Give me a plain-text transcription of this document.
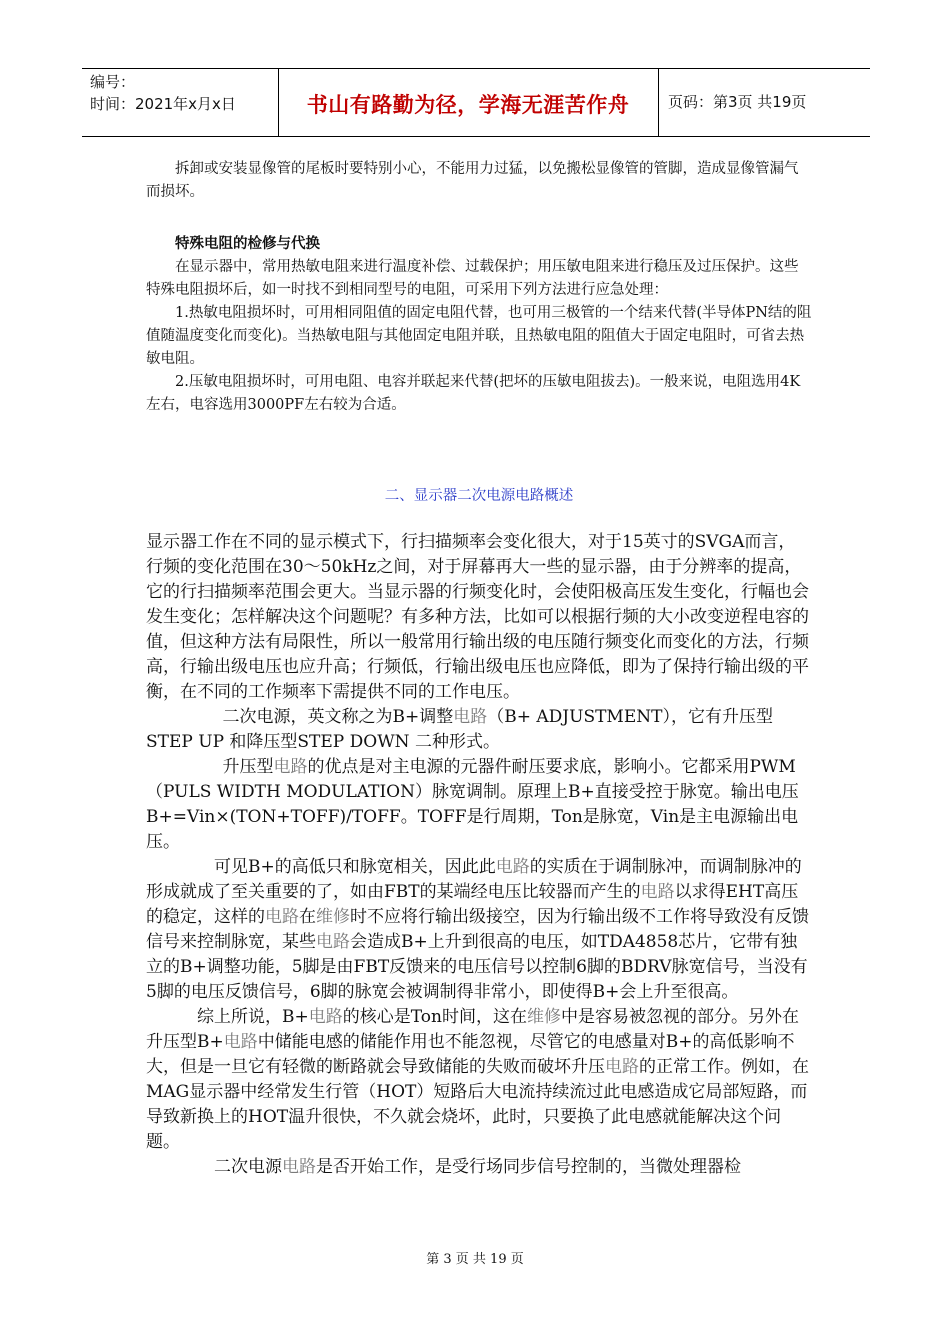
编号：
时间：2021年x月x日	书山有路勤为径，学海无涯苦作舟	页码：第3页 共19页

拆卸或安装显像管的尾板时要特别小心，不能用力过猛，以免搬松显像管的管脚，造成显像管漏气而损坏。

特殊电阻的检修与代换

在显示器中，常用热敏电阻来进行温度补偿、过载保护；用压敏电阻来进行稳压及过压保护。这些特殊电阻损坏后，如一时找不到相同型号的电阻，可采用下列方法进行应急处理：

1.热敏电阻损坏时，可用相同阻值的固定电阻代替，也可用三极管的一个结来代替(半导体PN结的阻值随温度变化而变化)。当热敏电阻与其他固定电阻并联，且热敏电阻的阻值大于固定电阻时，可省去热敏电阻。

2.压敏电阻损坏时，可用电阻、电容并联起来代替(把坏的压敏电阻拔去)。一般来说，电阻选用4K左右，电容选用3000PF左右较为合适。

二、显示器二次电源电路概述

显示器工作在不同的显示模式下，行扫描频率会变化很大，对于15英寸的SVGA而言，行频的变化范围在30～50kHz之间，对于屏幕再大一些的显示器，由于分辨率的提高，它的行扫描频率范围会更大。当显示器的行频变化时，会使阳极高压发生变化，行幅也会发生变化；怎样解决这个问题呢？有多种方法，比如可以根据行频的大小改变逆程电容的值，但这种方法有局限性，所以一般常用行输出级的电压随行频变化而变化的方法，行频高，行输出级电压也应升高；行频低，行输出级电压也应降低，即为了保持行输出级的平衡，在不同的工作频率下需提供不同的工作电压。

二次电源，英文称之为B+调整电路（B+ ADJUSTMENT），它有升压型STEP UP 和降压型STEP DOWN 二种形式。

升压型电路的优点是对主电源的元器件耐压要求底，影响小。它都采用PWM（PULS WIDTH MODULATION）脉宽调制。原理上B+直接受控于脉宽。输出电压B+=Vin×(TON+TOFF)/TOFF。TOFF是行周期，Ton是脉宽，Vin是主电源输出电压。

可见B+的高低只和脉宽相关，因此此电路的实质在于调制脉冲，而调制脉冲的形成就成了至关重要的了，如由FBT的某端经电压比较器而产生的电路以求得EHT高压的稳定，这样的电路在维修时不应将行输出级接空，因为行输出级不工作将导致没有反馈信号来控制脉宽，某些电路会造成B+上升到很高的电压，如TDA4858芯片，它带有独立的B+调整功能，5脚是由FBT反馈来的电压信号以控制6脚的BDRV脉宽信号，当没有5脚的电压反馈信号，6脚的脉宽会被调制得非常小，即使得B+会上升至很高。

综上所说，B+电路的核心是Ton时间，这在维修中是容易被忽视的部分。另外在升压型B+电路中储能电感的储能作用也不能忽视，尽管它的电感量对B+的高低影响不大，但是一旦它有轻微的断路就会导致储能的失败而破坏升压电路的正常工作。例如，在MAG显示器中经常发生行管（HOT）短路后大电流持续流过此电感造成它局部短路，而导致新换上的HOT温升很快，不久就会烧坏，此时，只要换了此电感就能解决这个问题。

二次电源电路是否开始工作，是受行场同步信号控制的，当微处理器检

第 3 页 共 19 页
